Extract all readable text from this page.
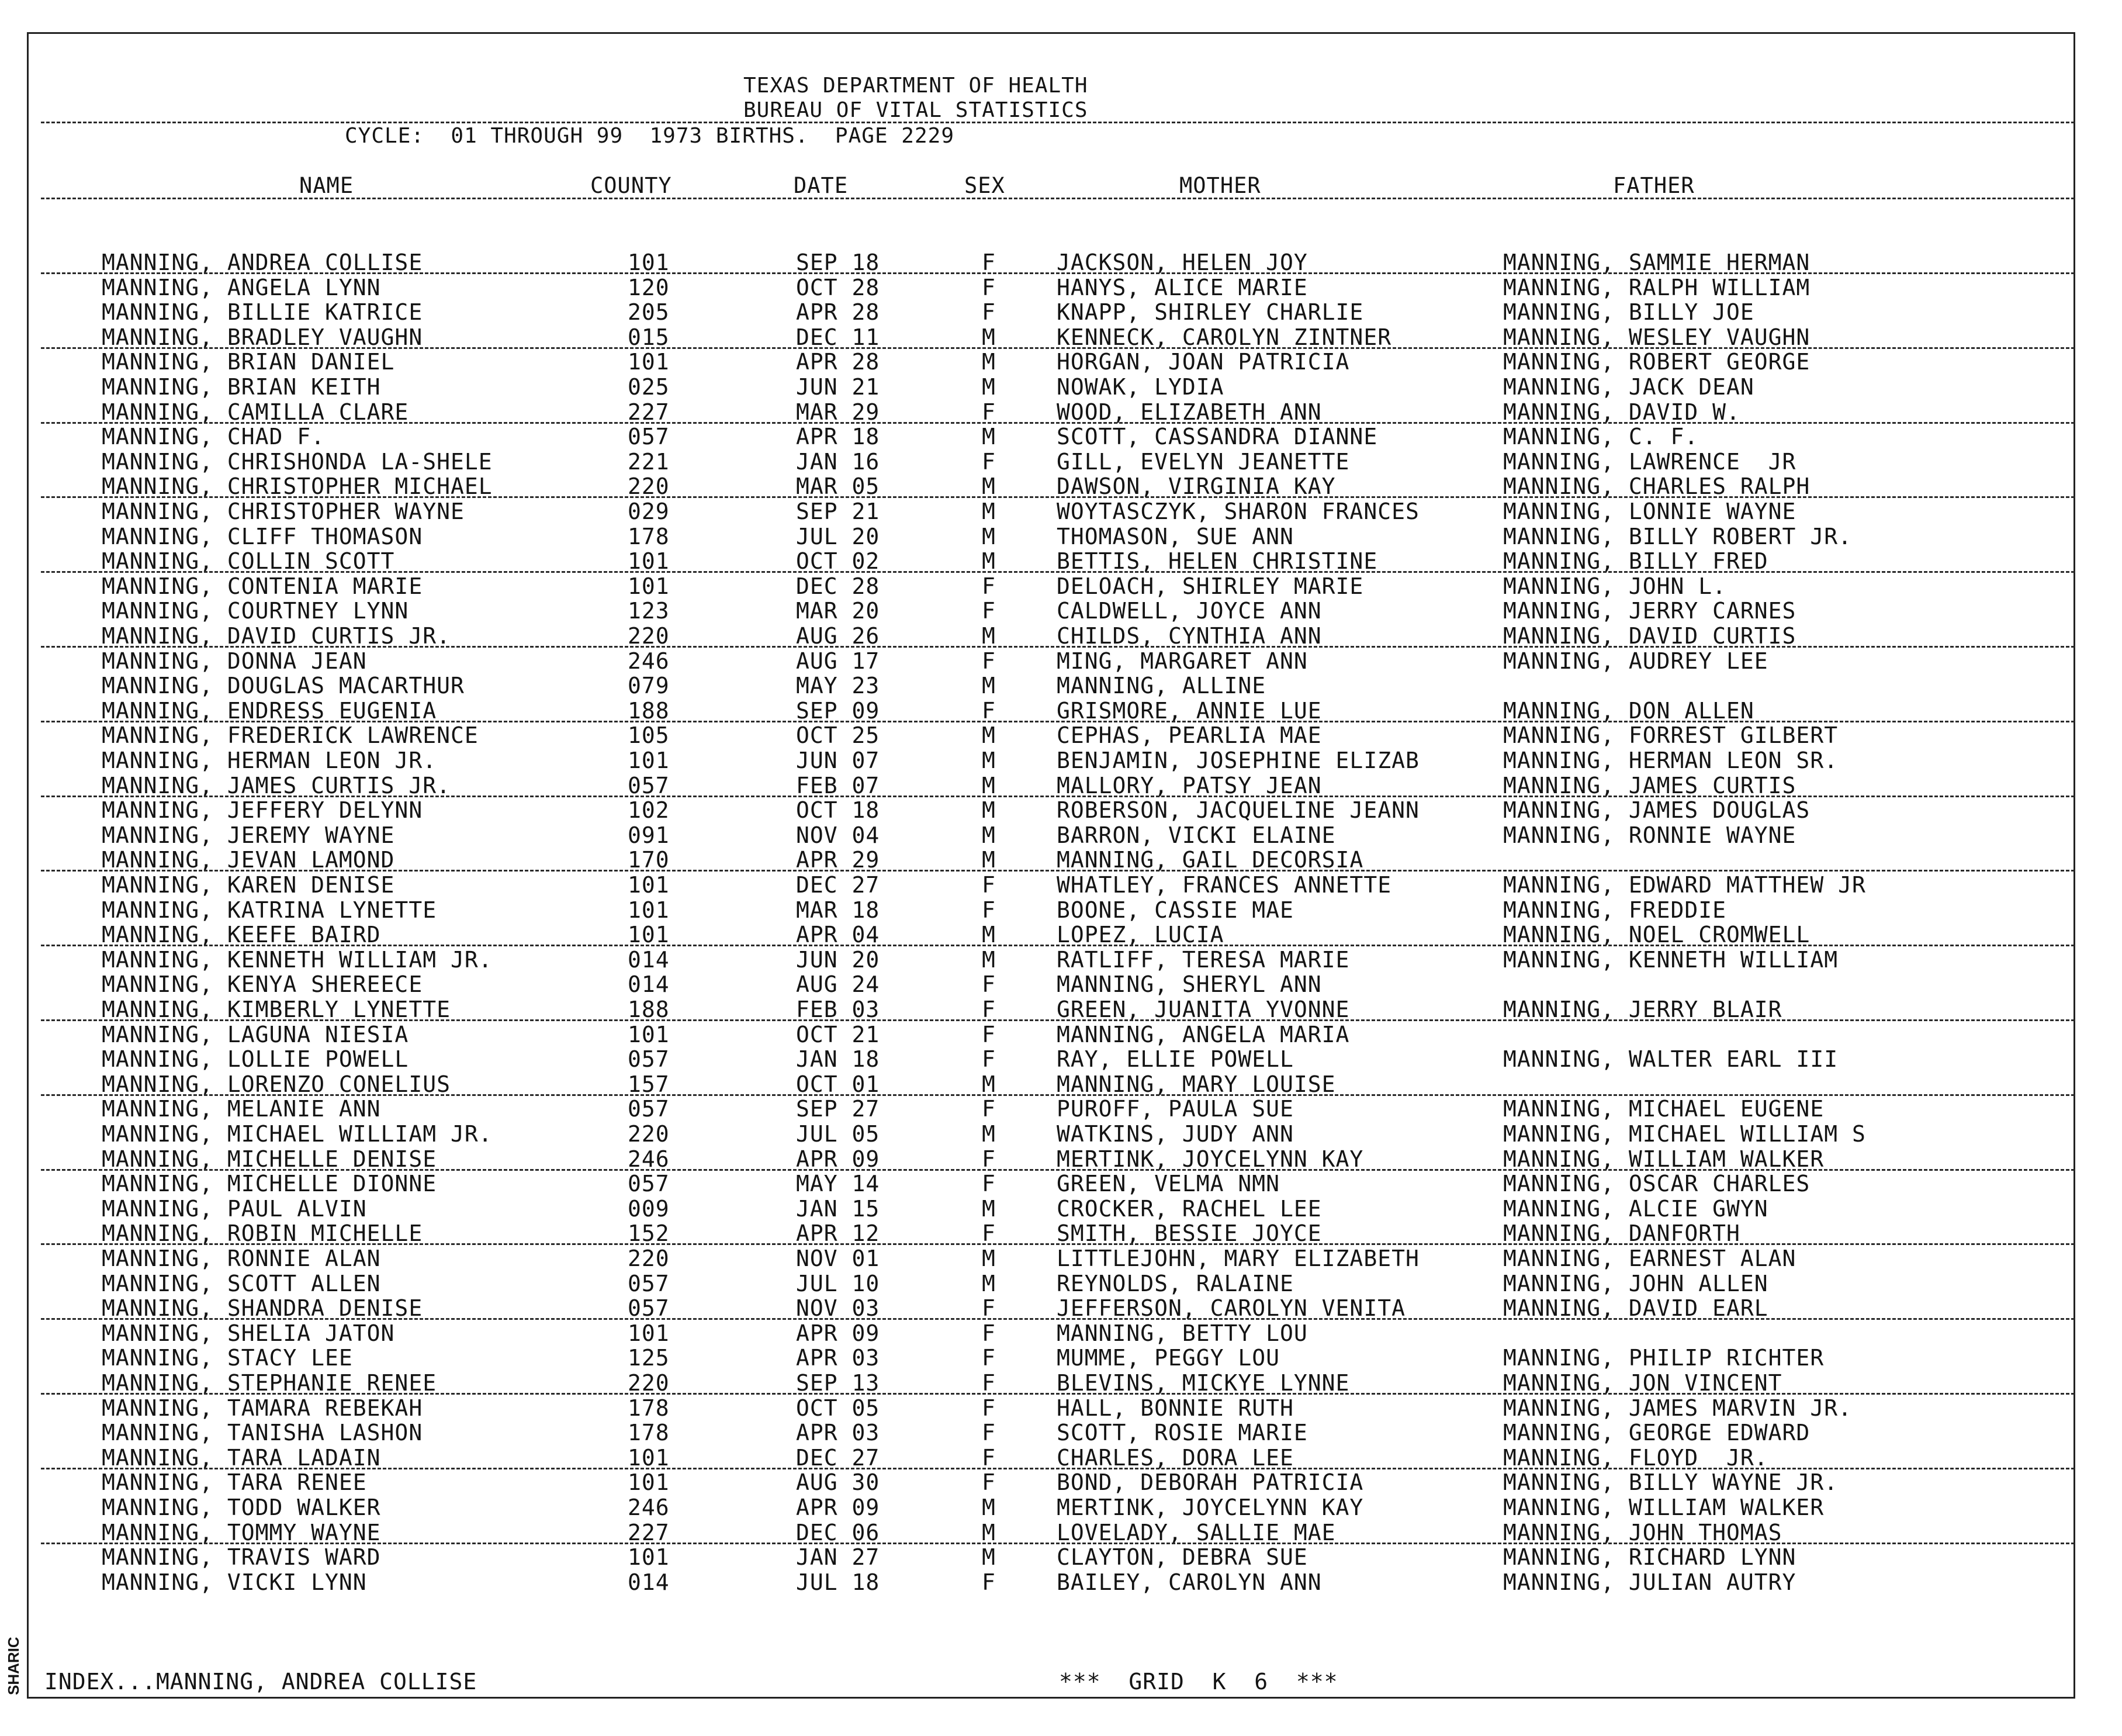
TEXAS DEPARTMENT OF HEALTH
BUREAU OF VITAL STATISTICS
CYCLE:  01 THROUGH 99  1973 BIRTHS.  PAGE 2229
NAME	COUNTY	DATE	SEX	MOTHER	FATHER
MANNING, ANDREA COLLISE	101	SEP 18	F	JACKSON, HELEN JOY	MANNING, SAMMIE HERMAN
MANNING, ANGELA LYNN	120	OCT 28	F	HANYS, ALICE MARIE	MANNING, RALPH WILLIAM
MANNING, BILLIE KATRICE	205	APR 28	F	KNAPP, SHIRLEY CHARLIE	MANNING, BILLY JOE
MANNING, BRADLEY VAUGHN	015	DEC 11	M	KENNECK, CAROLYN ZINTNER	MANNING, WESLEY VAUGHN
MANNING, BRIAN DANIEL	101	APR 28	M	HORGAN, JOAN PATRICIA	MANNING, ROBERT GEORGE
MANNING, BRIAN KEITH	025	JUN 21	M	NOWAK, LYDIA	MANNING, JACK DEAN
MANNING, CAMILLA CLARE	227	MAR 29	F	WOOD, ELIZABETH ANN	MANNING, DAVID W.
MANNING, CHAD F.	057	APR 18	M	SCOTT, CASSANDRA DIANNE	MANNING, C. F.
MANNING, CHRISHONDA LA-SHELE	221	JAN 16	F	GILL, EVELYN JEANETTE	MANNING, LAWRENCE  JR
MANNING, CHRISTOPHER MICHAEL	220	MAR 05	M	DAWSON, VIRGINIA KAY	MANNING, CHARLES RALPH
MANNING, CHRISTOPHER WAYNE	029	SEP 21	M	WOYTASCZYK, SHARON FRANCES	MANNING, LONNIE WAYNE
MANNING, CLIFF THOMASON	178	JUL 20	M	THOMASON, SUE ANN	MANNING, BILLY ROBERT JR.
MANNING, COLLIN SCOTT	101	OCT 02	M	BETTIS, HELEN CHRISTINE	MANNING, BILLY FRED
MANNING, CONTENIA MARIE	101	DEC 28	F	DELOACH, SHIRLEY MARIE	MANNING, JOHN L.
MANNING, COURTNEY LYNN	123	MAR 20	F	CALDWELL, JOYCE ANN	MANNING, JERRY CARNES
MANNING, DAVID CURTIS JR.	220	AUG 26	M	CHILDS, CYNTHIA ANN	MANNING, DAVID CURTIS
MANNING, DONNA JEAN	246	AUG 17	F	MING, MARGARET ANN	MANNING, AUDREY LEE
MANNING, DOUGLAS MACARTHUR	079	MAY 23	M	MANNING, ALLINE
MANNING, ENDRESS EUGENIA	188	SEP 09	F	GRISMORE, ANNIE LUE	MANNING, DON ALLEN
MANNING, FREDERICK LAWRENCE	105	OCT 25	M	CEPHAS, PEARLIA MAE	MANNING, FORREST GILBERT
MANNING, HERMAN LEON JR.	101	JUN 07	M	BENJAMIN, JOSEPHINE ELIZAB	MANNING, HERMAN LEON SR.
MANNING, JAMES CURTIS JR.	057	FEB 07	M	MALLORY, PATSY JEAN	MANNING, JAMES CURTIS
MANNING, JEFFERY DELYNN	102	OCT 18	M	ROBERSON, JACQUELINE JEANN	MANNING, JAMES DOUGLAS
MANNING, JEREMY WAYNE	091	NOV 04	M	BARRON, VICKI ELAINE	MANNING, RONNIE WAYNE
MANNING, JEVAN LAMOND	170	APR 29	M	MANNING, GAIL DECORSIA
MANNING, KAREN DENISE	101	DEC 27	F	WHATLEY, FRANCES ANNETTE	MANNING, EDWARD MATTHEW JR
MANNING, KATRINA LYNETTE	101	MAR 18	F	BOONE, CASSIE MAE	MANNING, FREDDIE
MANNING, KEEFE BAIRD	101	APR 04	M	LOPEZ, LUCIA	MANNING, NOEL CROMWELL
MANNING, KENNETH WILLIAM JR.	014	JUN 20	M	RATLIFF, TERESA MARIE	MANNING, KENNETH WILLIAM
MANNING, KENYA SHEREECE	014	AUG 24	F	MANNING, SHERYL ANN
MANNING, KIMBERLY LYNETTE	188	FEB 03	F	GREEN, JUANITA YVONNE	MANNING, JERRY BLAIR
MANNING, LAGUNA NIESIA	101	OCT 21	F	MANNING, ANGELA MARIA
MANNING, LOLLIE POWELL	057	JAN 18	F	RAY, ELLIE POWELL	MANNING, WALTER EARL III
MANNING, LORENZO CONELIUS	157	OCT 01	M	MANNING, MARY LOUISE
MANNING, MELANIE ANN	057	SEP 27	F	PUROFF, PAULA SUE	MANNING, MICHAEL EUGENE
MANNING, MICHAEL WILLIAM JR.	220	JUL 05	M	WATKINS, JUDY ANN	MANNING, MICHAEL WILLIAM S
MANNING, MICHELLE DENISE	246	APR 09	F	MERTINK, JOYCELYNN KAY	MANNING, WILLIAM WALKER
MANNING, MICHELLE DIONNE	057	MAY 14	F	GREEN, VELMA NMN	MANNING, OSCAR CHARLES
MANNING, PAUL ALVIN	009	JAN 15	M	CROCKER, RACHEL LEE	MANNING, ALCIE GWYN
MANNING, ROBIN MICHELLE	152	APR 12	F	SMITH, BESSIE JOYCE	MANNING, DANFORTH
MANNING, RONNIE ALAN	220	NOV 01	M	LITTLEJOHN, MARY ELIZABETH	MANNING, EARNEST ALAN
MANNING, SCOTT ALLEN	057	JUL 10	M	REYNOLDS, RALAINE	MANNING, JOHN ALLEN
MANNING, SHANDRA DENISE	057	NOV 03	F	JEFFERSON, CAROLYN VENITA	MANNING, DAVID EARL
MANNING, SHELIA JATON	101	APR 09	F	MANNING, BETTY LOU
MANNING, STACY LEE	125	APR 03	F	MUMME, PEGGY LOU	MANNING, PHILIP RICHTER
MANNING, STEPHANIE RENEE	220	SEP 13	F	BLEVINS, MICKYE LYNNE	MANNING, JON VINCENT
MANNING, TAMARA REBEKAH	178	OCT 05	F	HALL, BONNIE RUTH	MANNING, JAMES MARVIN JR.
MANNING, TANISHA LASHON	178	APR 03	F	SCOTT, ROSIE MARIE	MANNING, GEORGE EDWARD
MANNING, TARA LADAIN	101	DEC 27	F	CHARLES, DORA LEE	MANNING, FLOYD  JR.
MANNING, TARA RENEE	101	AUG 30	F	BOND, DEBORAH PATRICIA	MANNING, BILLY WAYNE JR.
MANNING, TODD WALKER	246	APR 09	M	MERTINK, JOYCELYNN KAY	MANNING, WILLIAM WALKER
MANNING, TOMMY WAYNE	227	DEC 06	M	LOVELADY, SALLIE MAE	MANNING, JOHN THOMAS
MANNING, TRAVIS WARD	101	JAN 27	M	CLAYTON, DEBRA SUE	MANNING, RICHARD LYNN
MANNING, VICKI LYNN	014	JUL 18	F	BAILEY, CAROLYN ANN	MANNING, JULIAN AUTRY
SHARIC INDEX...MANNING, ANDREA COLLISE	***  GRID  K  6  ***
